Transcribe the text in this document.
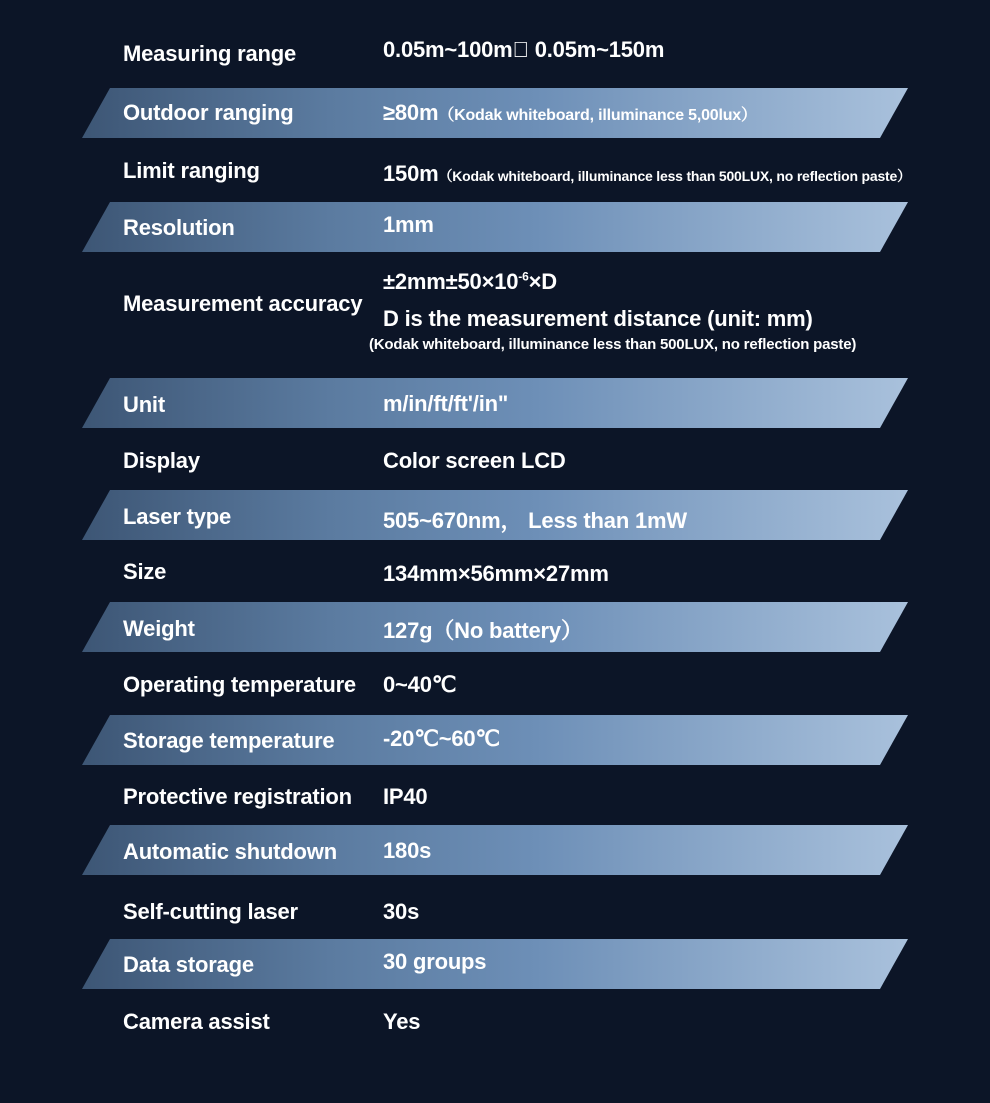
Measuring range	0.05m~100m  0.05m~150m
Outdoor ranging	≥80m（Kodak whiteboard, illuminance 5,00lux）
Limit ranging	150m（Kodak whiteboard, illuminance less than 500LUX, no reflection paste）
Resolution	1mm
Measurement accuracy
$\pm 2mm\pm 50\times 10^{-6}\times D$
D is the measurement distance (unit: mm)
(Kodak whiteboard, illuminance less than 500LUX, no reflection paste)
Unit	m/in/ft/ft'/in"
Display	Color screen LCD
Laser type	505~670nm， Less than 1mW
Size	134mm×56mm×27mm
Weight	127g（No battery）
Operating temperature 0~40℃
Storage temperature -20℃~60℃
Protective registration IP40
Automatic shutdown 180s
Self-cutting laser	30s
Data storage	30 groups
Camera assist	Yes
